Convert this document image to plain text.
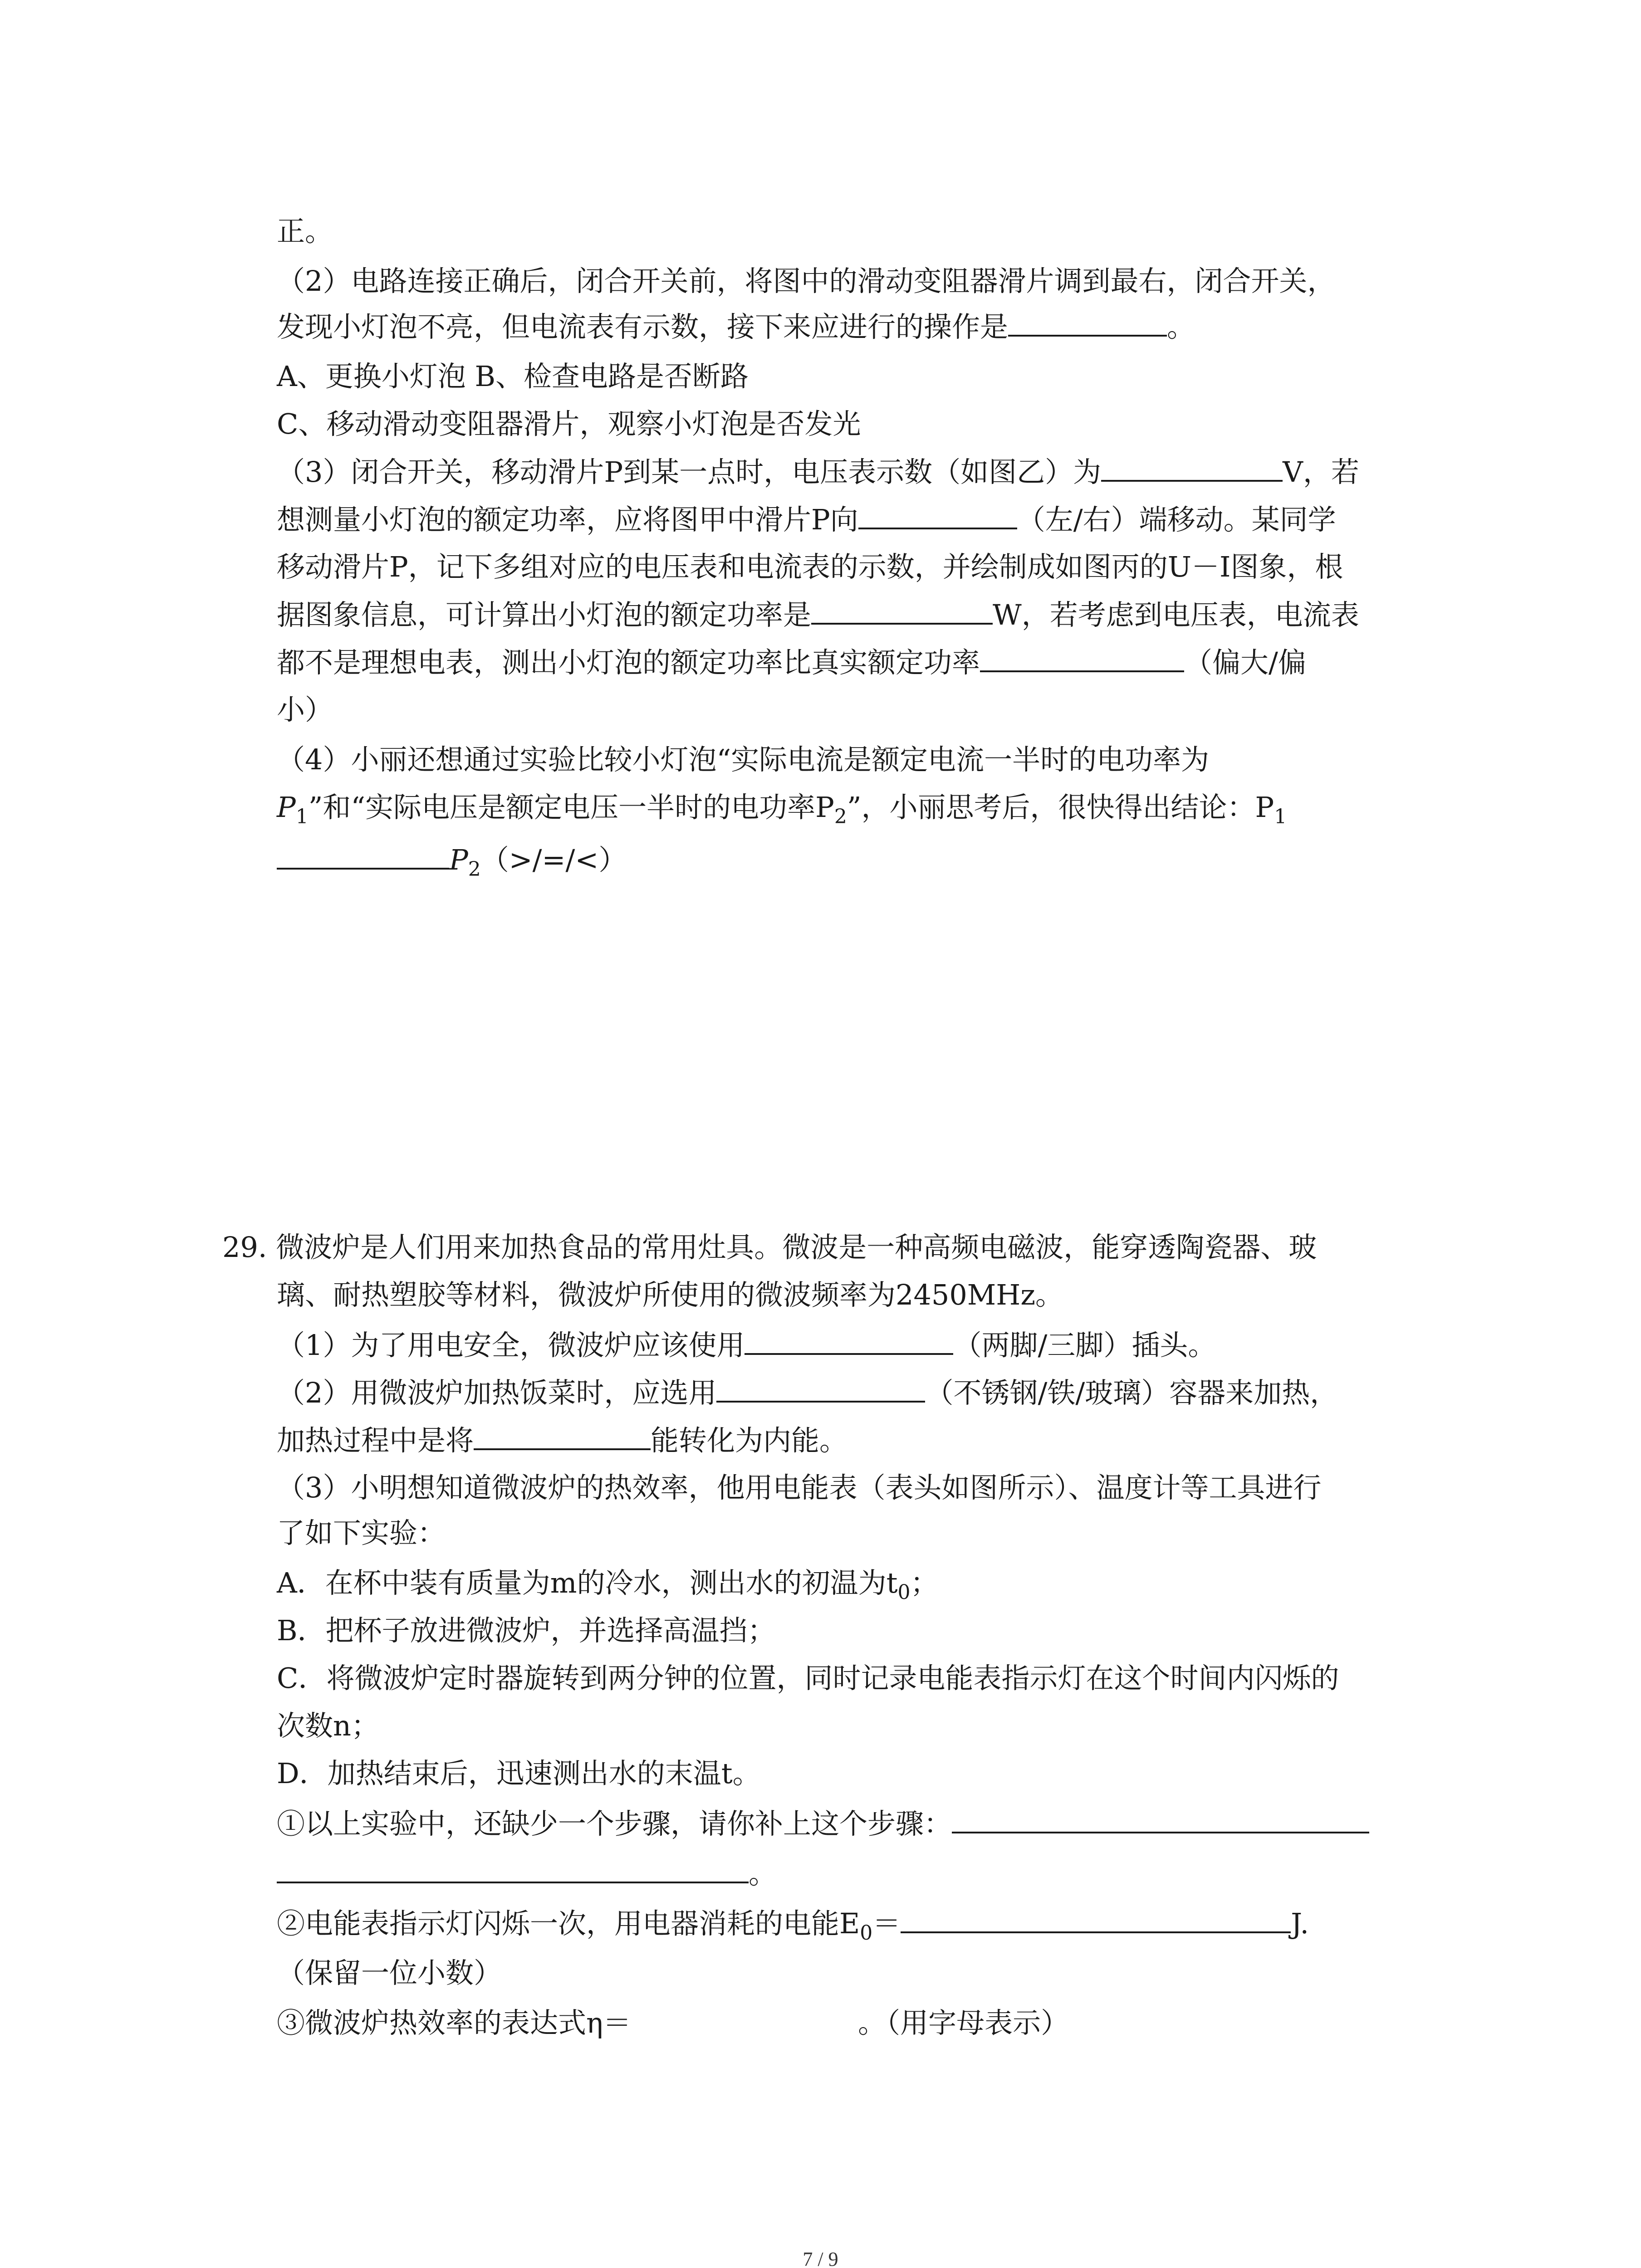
正。
（2）电路连接正确后，闭合开关前，将图中的滑动变阻器滑片调到最右，闭合开关，
发现小灯泡不亮，但电流表有示数，接下来应进行的操作是	。
A、更换小灯泡 B、检查电路是否断路
C、移动滑动变阻器滑片，观察小灯泡是否发光
（3）闭合开关，移动滑片P到某一点时，电压表示数（如图乙）为	V，若
想测量小灯泡的额定功率，应将图甲中滑片P向	（左/右）端移动。某同学
移动滑片P，记下多组对应的电压表和电流表的示数，并绘制成如图丙的U－I图象，根
据图象信息，可计算出小灯泡的额定功率是	W，若考虑到电压表，电流表
都不是理想电表，测出小灯泡的额定功率比真实额定功率	（偏大/偏
小）
（4）小丽还想通过实验比较小灯泡“实际电流是额定电流一半时的电功率为
$P_1$”和“实际电压是额定电压一半时的电功率$P_2$”，小丽思考后，很快得出结论：$P_1$
$P_2(>/=/<)$
29. 微波炉是人们用来加热食品的常用灶具。微波是一种高频电磁波，能穿透陶瓷器、玻
璃、耐热塑胶等材料，微波炉所使用的微波频率为2450MHz。
（1）为了用电安全，微波炉应该使用	（两脚/三脚）插头。
（2）用微波炉加热饭菜时，应选用	（不锈钢/铁/玻璃）容器来加热，
加热过程中是将	能转化为内能。
（3）小明想知道微波炉的热效率，他用电能表（表头如图所示）、温度计等工具进行
了如下实验：
A．在杯中装有质量为m的冷水，测出水的初温为$t_0$；
B．把杯子放进微波炉，并选择高温挡；
C．将微波炉定时器旋转到两分钟的位置，同时记录电能表指示灯在这个时间内闪烁的
次数n；
D．加热结束后，迅速测出水的末温t。
①以上实验中，还缺少一个步骤，请你补上这个步骤：
。
②电能表指示灯闪烁一次，用电器消耗的电能$E_0=$	J.
（保留一位小数）
③微波炉热效率的表达式η＝	。（用字母表示）
7 / 9
